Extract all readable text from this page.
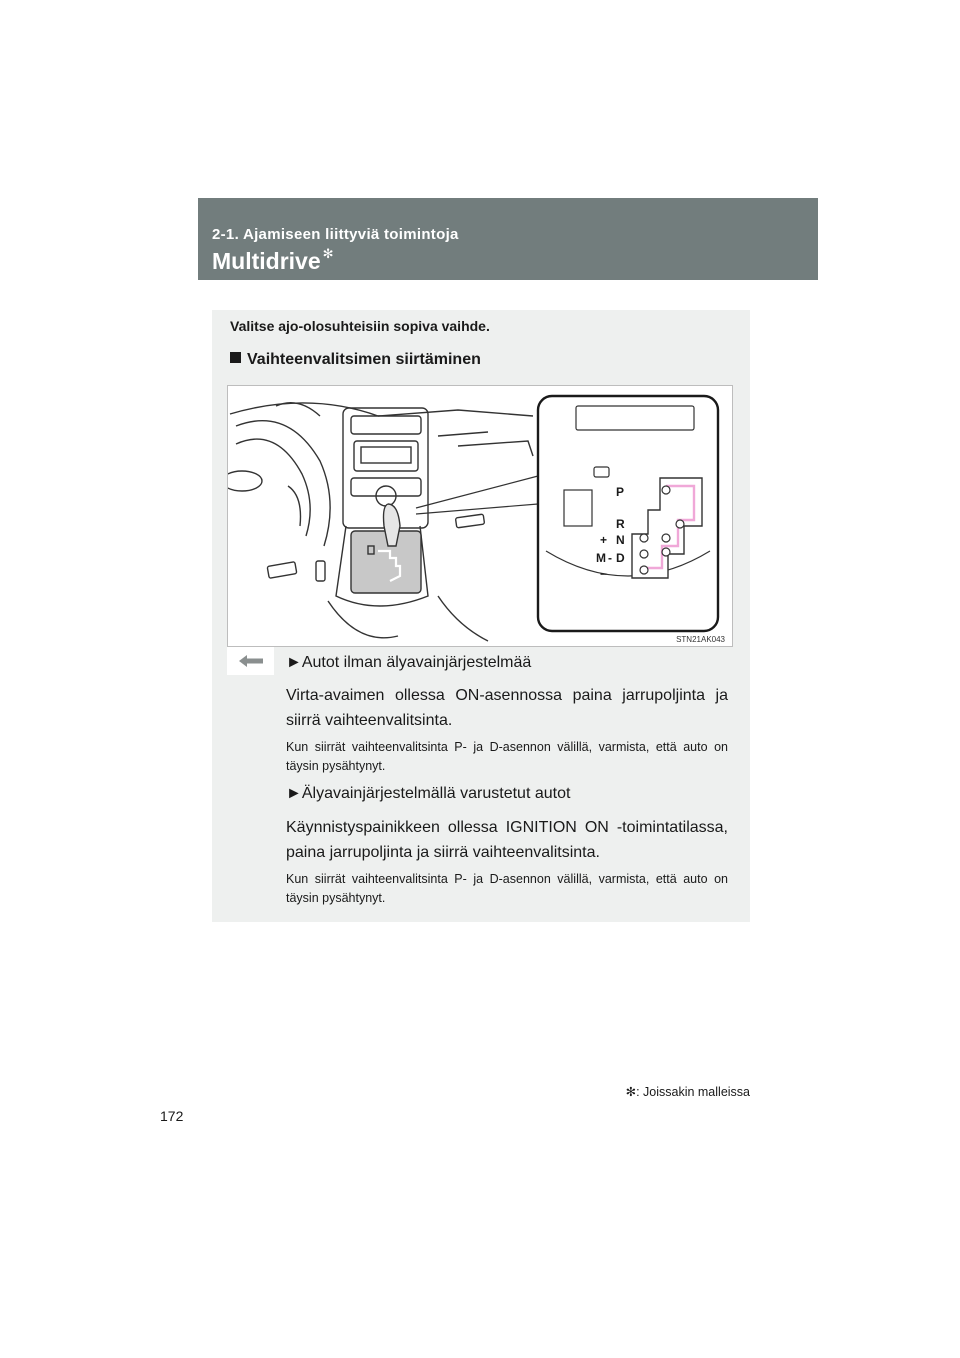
2-1. Ajamiseen liittyviä toimintoja
Multidrive ✻
Valitse ajo-olosuhteisiin sopiva vaihde.
Vaihteenvalitsimen siirtäminen
P
R
N
D
+
M -
−
STN21AK043
►Autot ilman älyavainjärjestelmää
Virta-avaimen ollessa ON-asennossa paina jarrupoljinta ja siirrä vaihteenvalitsinta.
Kun siirrät vaihteenvalitsinta P- ja D-asennon välillä, varmista, että auto on täysin pysähtynyt.
►Älyavainjärjestelmällä varustetut autot
Käynnistyspainikkeen ollessa IGNITION ON -toimintatilassa, paina jarrupoljinta ja siirrä vaihteenvalitsinta.
Kun siirrät vaihteenvalitsinta P- ja D-asennon välillä, varmista, että auto on täysin pysähtynyt.
✻: Joissakin malleissa
172
